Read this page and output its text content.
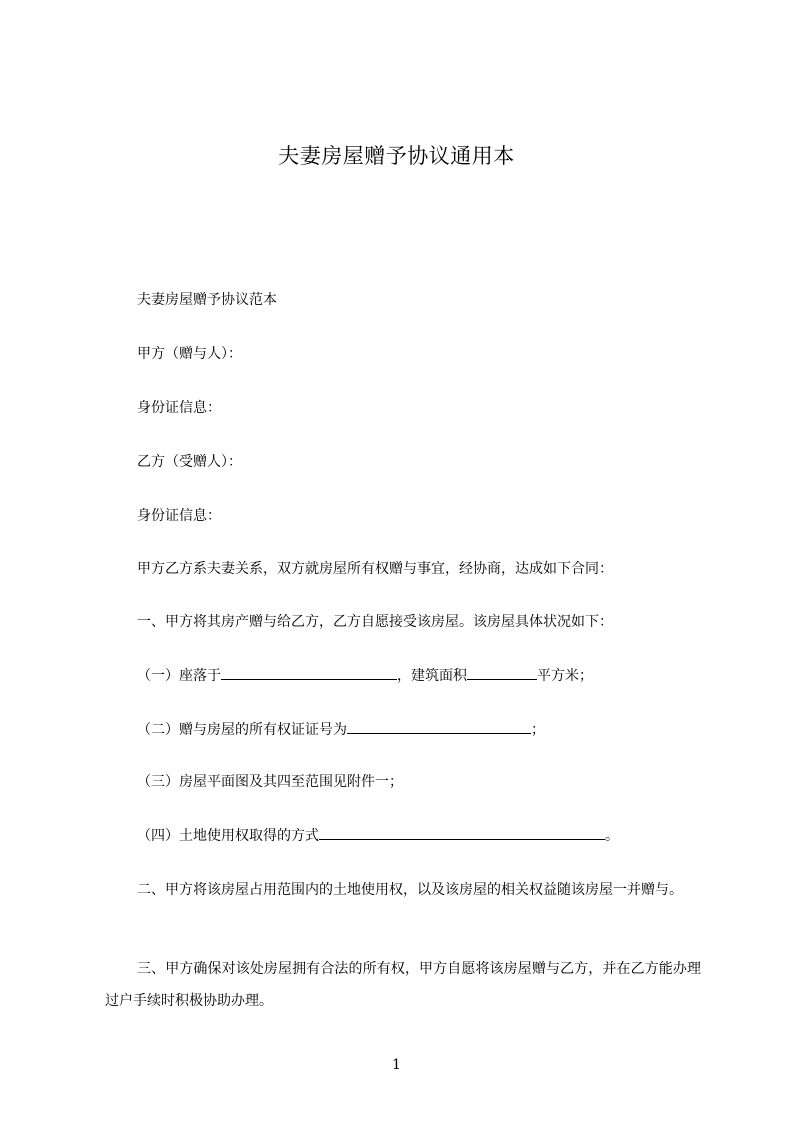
夫妻房屋赠予协议通用本

夫妻房屋赠予协议范本

甲方（赠与人）：

身份证信息：

乙方（受赠人）：

身份证信息：

甲方乙方系夫妻关系，双方就房屋所有权赠与事宜，经协商，达成如下合同：

一、甲方将其房产赠与给乙方，乙方自愿接受该房屋。该房屋具体状况如下：

（一）座落于	，建筑面积	平方米；

（二）赠与房屋的所有权证证号为	；

（三）房屋平面图及其四至范围见附件一；

（四）土地使用权取得的方式	。

二、甲方将该房屋占用范围内的土地使用权，以及该房屋的相关权益随该房屋一并赠与。

三、甲方确保对该处房屋拥有合法的所有权，甲方自愿将该房屋赠与乙方，并在乙方能办理过户手续时积极协助办理。

1
